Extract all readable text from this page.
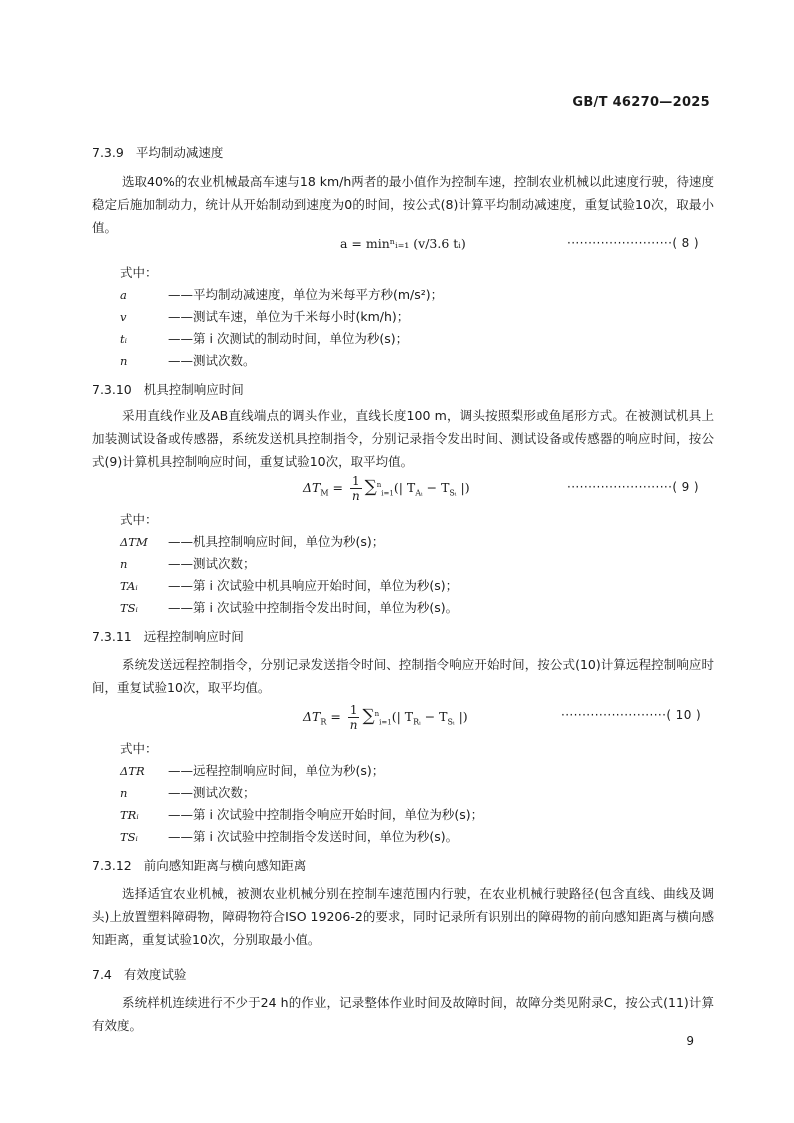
GB/T 46270—2025
7.3.9 平均制动减速度
选取40%的农业机械最高车速与18 km/h两者的最小值作为控制车速，控制农业机械以此速度行驶，待速度稳定后施加制动力，统计从开始制动到速度为0的时间，按公式(8)计算平均制动减速度，重复试验10次，取最小值。
a = minⁿᵢ₌₁ (v/3.6 tᵢ)	·························( 8 )
式中：
a	——平均制动减速度，单位为米每平方秒(m/s²)；
v	——测试车速，单位为千米每小时(km/h)；
tᵢ	——第 i 次测试的制动时间，单位为秒(s)；
n	——测试次数。
7.3.10 机具控制响应时间
采用直线作业及AB直线端点的调头作业，直线长度100 m，调头按照梨形或鱼尾形方式。在被测试机具上加装测试设备或传感器，系统发送机具控制指令，分别记录指令发出时间、测试设备或传感器的响应时间，按公式(9)计算机具控制响应时间，重复试验10次，取平均值。
$\Delta T_M = \frac{1}{n} \sum^n_{i=1}(|$ $T_{Aᵢ} - T_{Sᵢ}$ |)	·························( 9 )
式中：
ΔTM ——机具控制响应时间，单位为秒(s)；
n	——测试次数；
TAᵢ ——第 i 次试验中机具响应开始时间，单位为秒(s)；
TSᵢ ——第 i 次试验中控制指令发出时间，单位为秒(s)。
7.3.11 远程控制响应时间
系统发送远程控制指令，分别记录发送指令时间、控制指令响应开始时间，按公式(10)计算远程控制响应时间，重复试验10次，取平均值。
$\Delta T_R = \frac{1}{n} \sum^n_{i=1}(|$ $T_{Rᵢ} - T_{Sᵢ}$ |)	·························( 10 )
式中：
ΔTR ——远程控制响应时间，单位为秒(s)；
n	——测试次数；
TRᵢ ——第 i 次试验中控制指令响应开始时间，单位为秒(s)；
TSᵢ ——第 i 次试验中控制指令发送时间，单位为秒(s)。
7.3.12 前向感知距离与横向感知距离
选择适宜农业机械，被测农业机械分别在控制车速范围内行驶，在农业机械行驶路径(包含直线、曲线及调头)上放置塑料障碍物，障碍物符合ISO 19206-2的要求，同时记录所有识别出的障碍物的前向感知距离与横向感知距离，重复试验10次，分别取最小值。
7.4 有效度试验
系统样机连续进行不少于24 h的作业，记录整体作业时间及故障时间，故障分类见附录C，按公式(11)计算有效度。
9
